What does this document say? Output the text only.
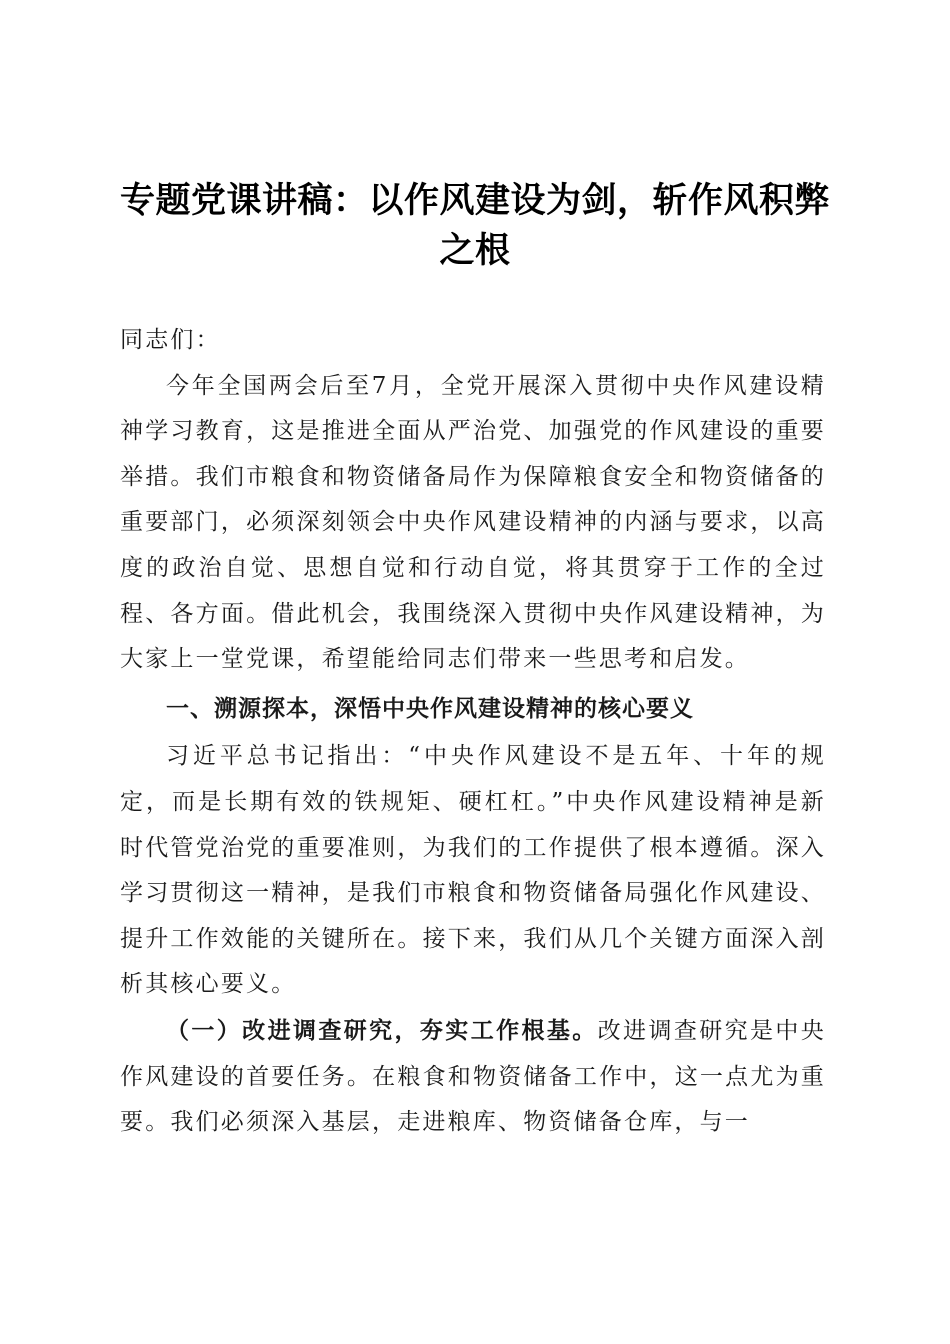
专题党课讲稿：以作风建设为剑，斩作风积弊
之根

同志们：

今年全国两会后至7月，全党开展深入贯彻中央作风建设精神学习教育，这是推进全面从严治党、加强党的作风建设的重要举措。我们市粮食和物资储备局作为保障粮食安全和物资储备的重要部门，必须深刻领会中央作风建设精神的内涵与要求，以高度的政治自觉、思想自觉和行动自觉，将其贯穿于工作的全过程、各方面。借此机会，我围绕深入贯彻中央作风建设精神，为大家上一堂党课，希望能给同志们带来一些思考和启发。

一、溯源探本，深悟中央作风建设精神的核心要义

习近平总书记指出：“中央作风建设不是五年、十年的规定，而是长期有效的铁规矩、硬杠杠。”中央作风建设精神是新时代管党治党的重要准则，为我们的工作提供了根本遵循。深入学习贯彻这一精神，是我们市粮食和物资储备局强化作风建设、提升工作效能的关键所在。接下来，我们从几个关键方面深入剖析其核心要义。

（一）改进调查研究，夯实工作根基。改进调查研究是中央作风建设的首要任务。在粮食和物资储备工作中，这一点尤为重要。我们必须深入基层，走进粮库、物资储备仓库，与一
